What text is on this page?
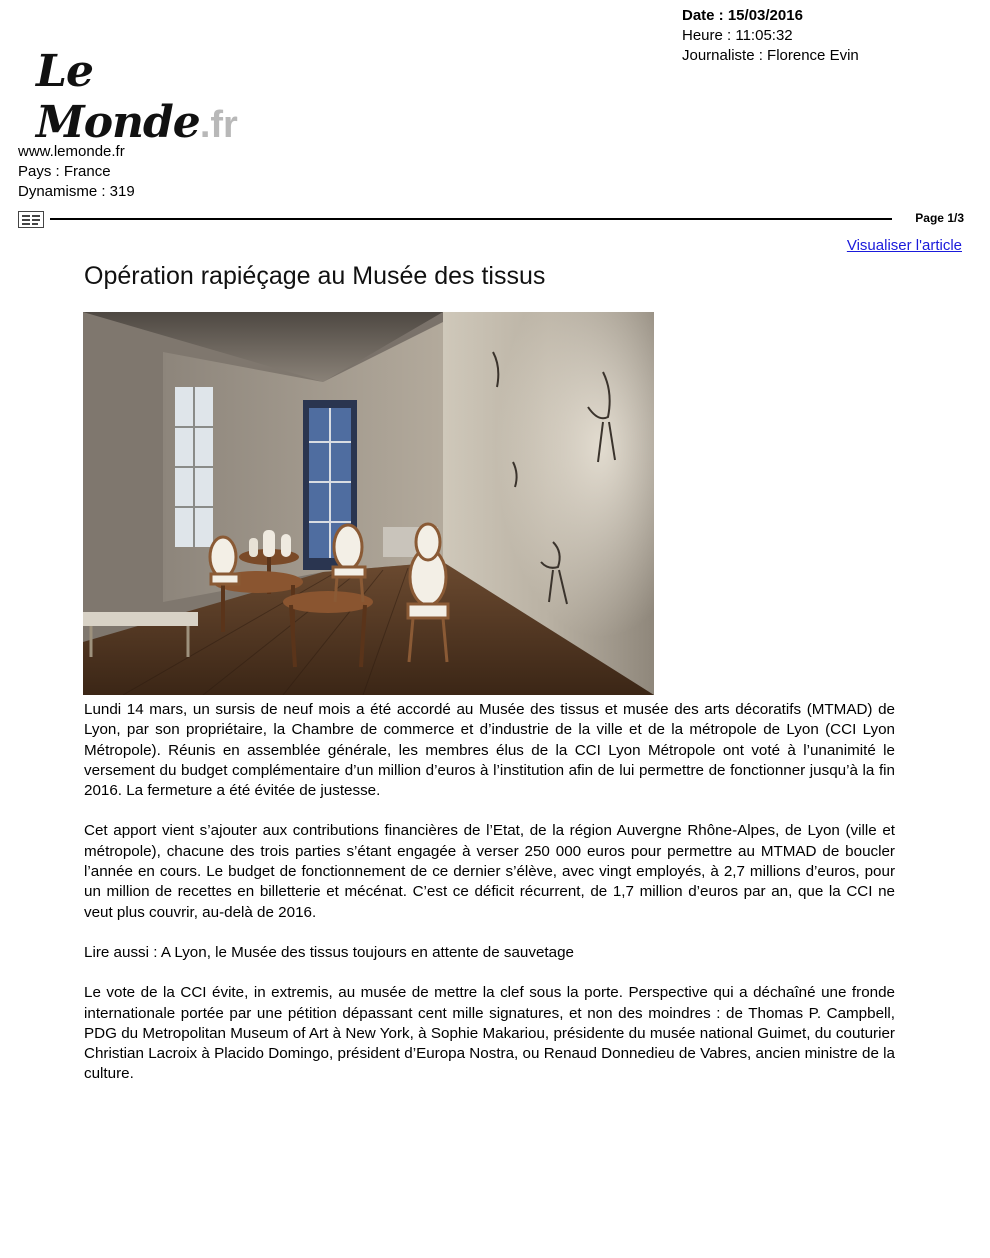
Le Monde.fr
Date : 15/03/2016
Heure : 11:05:32
Journaliste : Florence Evin
www.lemonde.fr
Pays : France
Dynamisme : 319
Page 1/3
Visualiser l'article
Opération rapiéçage au Musée des tissus

Lundi 14 mars, un sursis de neuf mois a été accordé au Musée des tissus et musée des arts décoratifs (MTMAD) de Lyon, par son propriétaire, la Chambre de commerce et d’industrie de la ville et de la métropole de Lyon (CCI Lyon Métropole). Réunis en assemblée générale, les membres élus de la CCI Lyon Métropole ont voté à l’unanimité le versement du budget complémentaire d’un million d’euros à l’institution afin de lui permettre de fonctionner jusqu’à la fin 2016. La fermeture a été évitée de justesse.

Cet apport vient s’ajouter aux contributions financières de l’Etat, de la région Auvergne Rhône-Alpes, de Lyon (ville et métropole), chacune des trois parties s’étant engagée à verser 250 000 euros pour permettre au MTMAD de boucler l’année en cours. Le budget de fonctionnement de ce dernier s’élève, avec vingt employés, à 2,7 millions d’euros, pour un million de recettes en billetterie et mécénat. C’est ce déficit récurrent, de 1,7 million d’euros par an, que la CCI ne veut plus couvrir, au-delà de 2016.

Lire aussi : A Lyon, le Musée des tissus toujours en attente de sauvetage

Le vote de la CCI évite, in extremis, au musée de mettre la clef sous la porte. Perspective qui a déchaîné une fronde internationale portée par une pétition dépassant cent mille signatures, et non des moindres : de Thomas P. Campbell, PDG du Metropolitan Museum of Art à New York, à Sophie Makariou, présidente du musée national Guimet, du couturier Christian Lacroix à Placido Domingo, président d’Europa Nostra, ou Renaud Donnedieu de Vabres, ancien ministre de la culture.
